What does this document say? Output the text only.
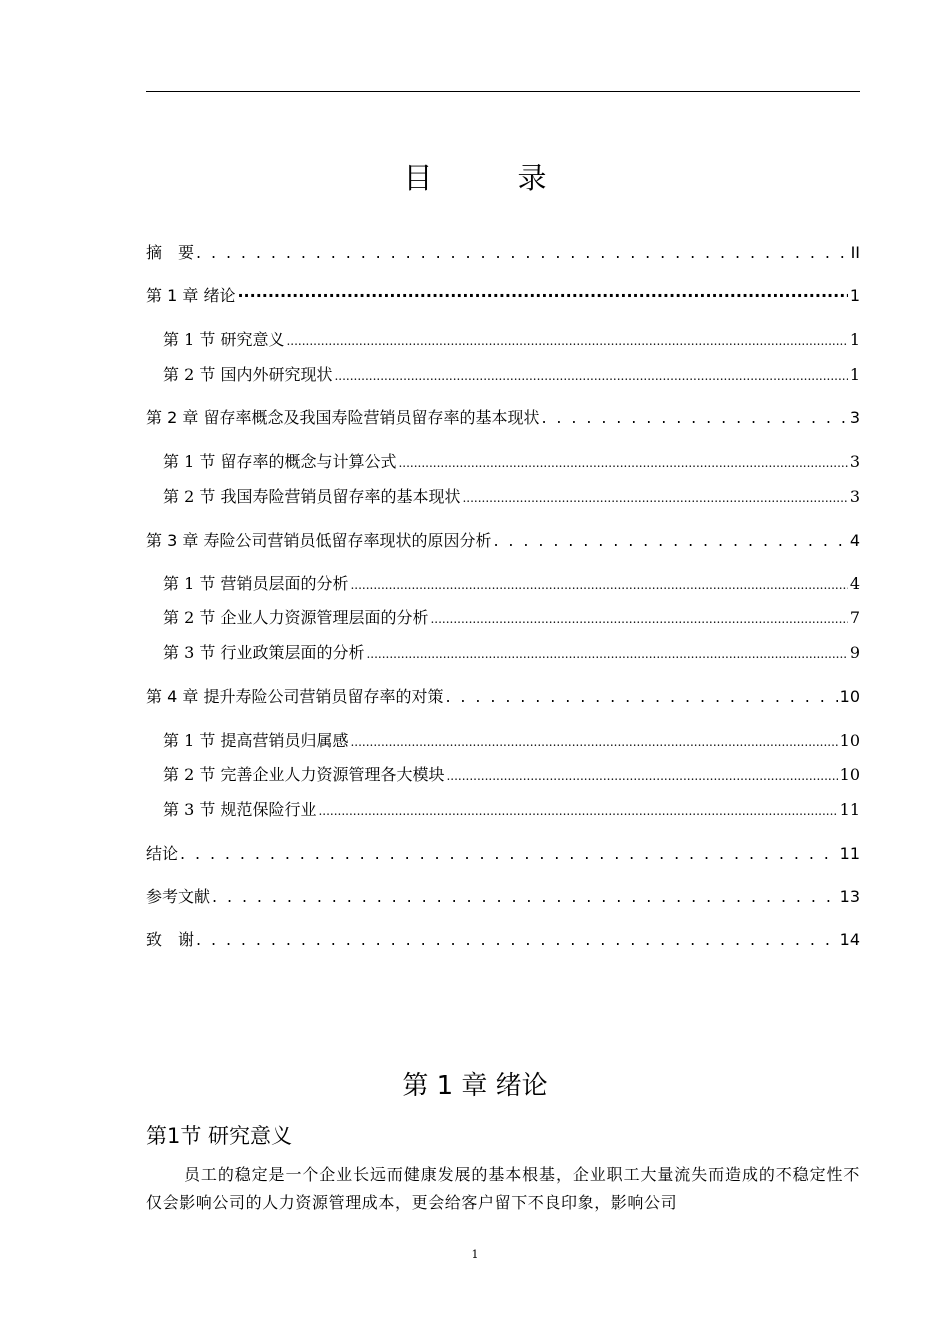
目　录
摘　要 . . .	II
第 1 章 绪论 ·····	1
第 1 节 研究意义 .....	1
第 2 节 国内外研究现状 .....	1
第 2 章 留存率概念及我国寿险营销员留存率的基本现状 . . .	3
第 1 节 留存率的概念与计算公式 .....	3
第 2 节 我国寿险营销员留存率的基本现状 .....	3
第 3 章 寿险公司营销员低留存率现状的原因分析 . . .	4
第 1 节 营销员层面的分析 .....	4
第 2 节 企业人力资源管理层面的分析 .....	7
第 3 节 行业政策层面的分析 .....	9
第 4 章 提升寿险公司营销员留存率的对策 . . .	10
第 1 节 提高营销员归属感 .....	10
第 2 节 完善企业人力资源管理各大模块 .....	10
第 3 节 规范保险行业 .....	11
结论 . . .	11
参考文献 . . .	13
致　谢 . . .	14
第 1 章 绪论
第1节 研究意义
员工的稳定是一个企业长远而健康发展的基本根基，企业职工大量流失而造成的不稳定性不仅会影响公司的人力资源管理成本，更会给客户留下不良印象，影响公司
1
